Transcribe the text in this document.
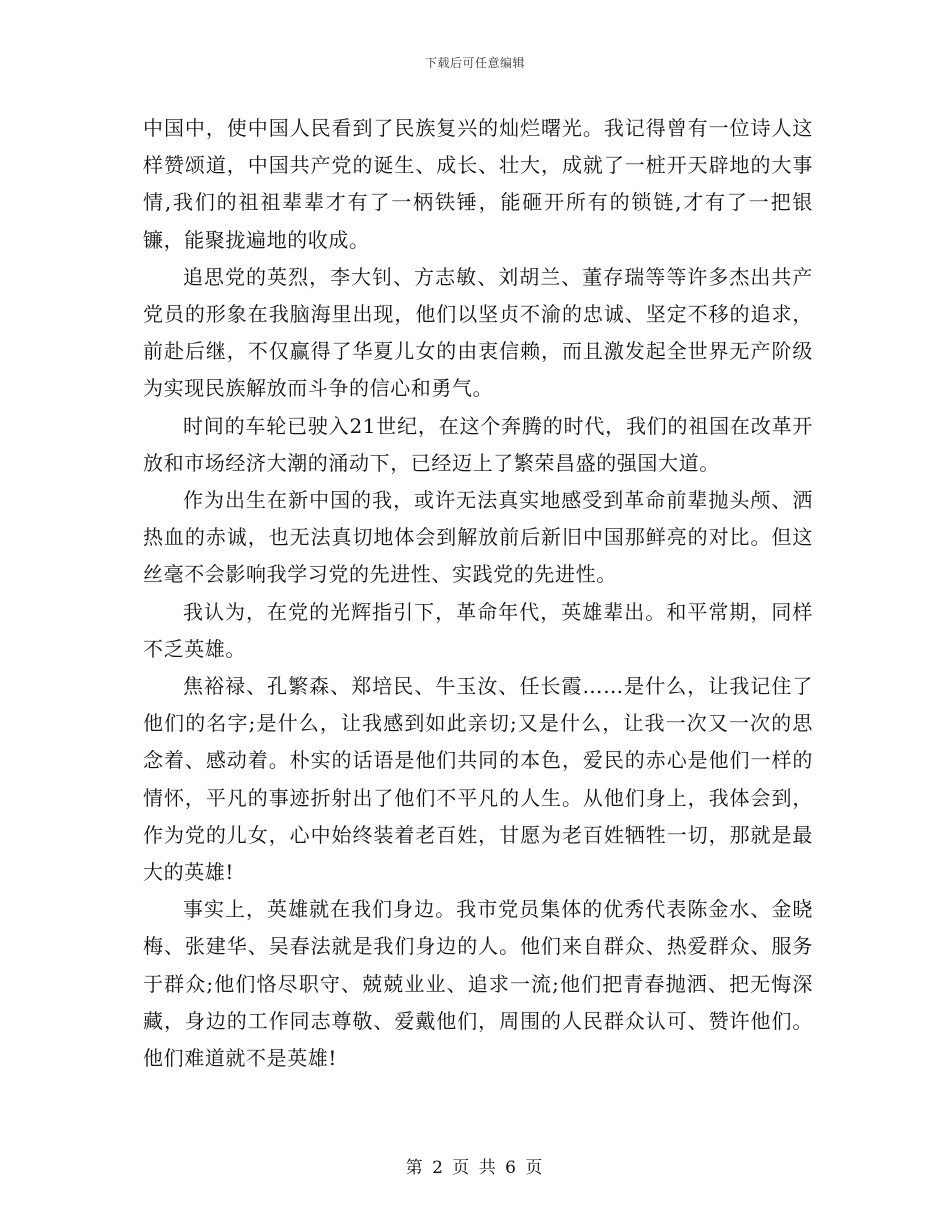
下载后可任意编辑

中国中，使中国人民看到了民族复兴的灿烂曙光。我记得曾有一位诗人这样赞颂道，中国共产党的诞生、成长、壮大，成就了一桩开天辟地的大事情,我们的祖祖辈辈才有了一柄铁锤，能砸开所有的锁链,才有了一把银镰，能聚拢遍地的收成。

追思党的英烈，李大钊、方志敏、刘胡兰、董存瑞等等许多杰出共产党员的形象在我脑海里出现，他们以坚贞不渝的忠诚、坚定不移的追求，前赴后继，不仅赢得了华夏儿女的由衷信赖，而且激发起全世界无产阶级为实现民族解放而斗争的信心和勇气。

时间的车轮已驶入21世纪，在这个奔腾的时代，我们的祖国在改革开放和市场经济大潮的涌动下，已经迈上了繁荣昌盛的强国大道。

作为出生在新中国的我，或许无法真实地感受到革命前辈抛头颅、洒热血的赤诚，也无法真切地体会到解放前后新旧中国那鲜亮的对比。但这丝毫不会影响我学习党的先进性、实践党的先进性。

我认为，在党的光辉指引下，革命年代，英雄辈出。和平常期，同样不乏英雄。

焦裕禄、孔繁森、郑培民、牛玉汝、任长霞……是什么，让我记住了他们的名字;是什么，让我感到如此亲切;又是什么，让我一次又一次的思念着、感动着。朴实的话语是他们共同的本色，爱民的赤心是他们一样的情怀，平凡的事迹折射出了他们不平凡的人生。从他们身上，我体会到，作为党的儿女，心中始终装着老百姓，甘愿为老百姓牺牲一切，那就是最大的英雄!

事实上，英雄就在我们身边。我市党员集体的优秀代表陈金水、金晓梅、张建华、吴春法就是我们身边的人。他们来自群众、热爱群众、服务于群众;他们恪尽职守、兢兢业业、追求一流;他们把青春抛洒、把无悔深藏，身边的工作同志尊敬、爱戴他们，周围的人民群众认可、赞许他们。他们难道就不是英雄!

第 2 页 共 6 页
